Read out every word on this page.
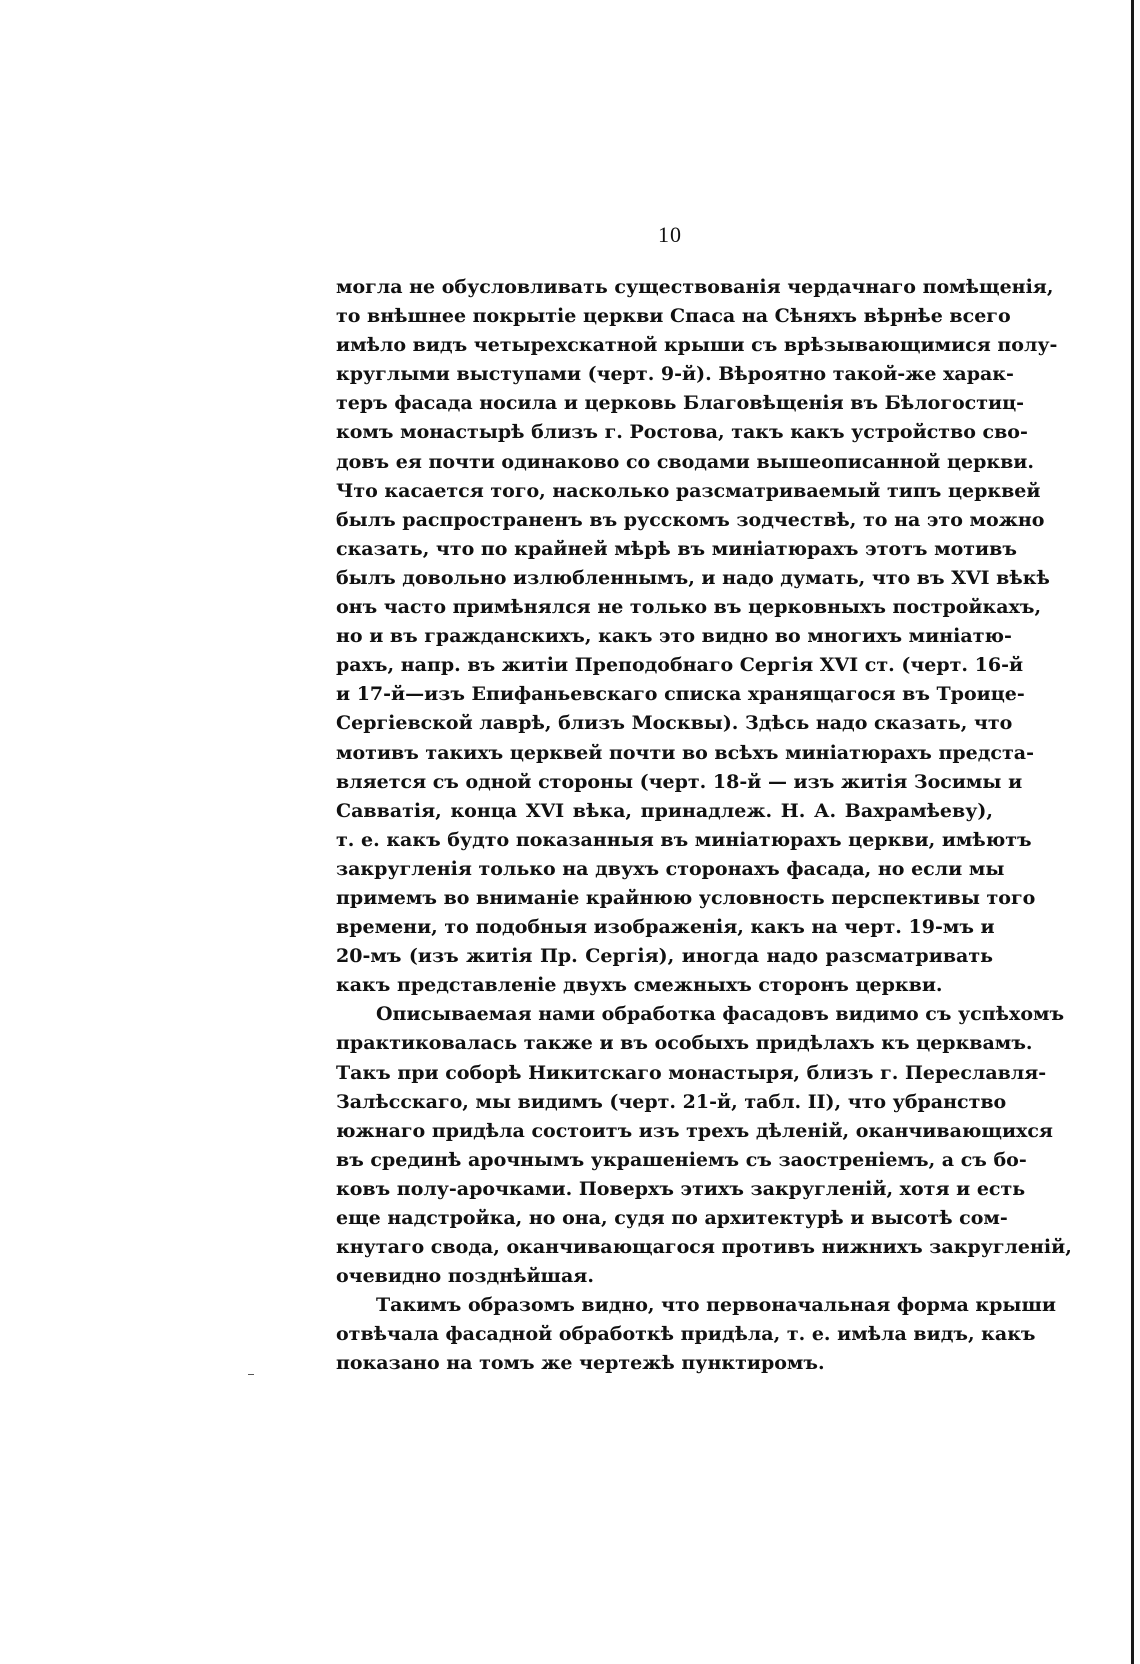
10
могла не обусловливать существованія чердачнаго помѣщенія,
то внѣшнее покрытіе церкви Спаса на Сѣняхъ вѣрнѣе всего
имѣло видъ четырехскатной крыши съ врѣзывающимися полу-
круглыми выступами (черт. 9-й). Вѣроятно такой-же харак-
теръ фасада носила и церковь Благовѣщенія въ Бѣлогостиц-
комъ монастырѣ близъ г. Ростова, такъ какъ устройство сво-
довъ ея почти одинаково со сводами вышеописанной церкви.
Что касается того, насколько разсматриваемый типъ церквей
былъ распространенъ въ русскомъ зодчествѣ, то на это можно
сказать, что по крайней мѣрѣ въ миніатюрахъ этотъ мотивъ
былъ довольно излюбленнымъ, и надо думать, что въ XVI вѣкѣ
онъ часто примѣнялся не только въ церковныхъ постройкахъ,
но и въ гражданскихъ, какъ это видно во многихъ миніатю-
рахъ, напр. въ житіи Преподобнаго Сергія XVI ст. (черт. 16-й
и 17-й—изъ Епифаньевскаго списка хранящагося въ Троице-
Сергіевской лаврѣ, близъ Москвы). Здѣсь надо сказать, что
мотивъ такихъ церквей почти во всѣхъ миніатюрахъ предста-
вляется съ одной стороны (черт. 18-й — изъ житія Зосимы и
Савватія, конца XVI вѣка, принадлеж. Н. А. Вахрамѣеву),
т. е. какъ будто показанныя въ миніатюрахъ церкви, имѣютъ
закругленія только на двухъ сторонахъ фасада, но если мы
примемъ во вниманіе крайнюю условность перспективы того
времени, то подобныя изображенія, какъ на черт. 19-мъ и
20-мъ (изъ житія Пр. Сергія), иногда надо разсматривать
какъ представленіе двухъ смежныхъ сторонъ церкви.
Описываемая нами обработка фасадовъ видимо съ успѣхомъ
практиковалась также и въ особыхъ придѣлахъ къ церквамъ.
Такъ при соборѣ Никитскаго монастыря, близъ г. Переславля-
Залѣсскаго, мы видимъ (черт. 21-й, табл. II), что убранство
южнаго придѣла состоитъ изъ трехъ дѣленій, оканчивающихся
въ срединѣ арочнымъ украшеніемъ съ заостреніемъ, а съ бо-
ковъ полу-арочками. Поверхъ этихъ закругленій, хотя и есть
еще надстройка, но она, судя по архитектурѣ и высотѣ сом-
кнутаго свода, оканчивающагося противъ нижнихъ закругленій,
очевидно позднѣйшая.
Такимъ образомъ видно, что первоначальная форма крыши
отвѣчала фасадной обработкѣ придѣла, т. е. имѣла видъ, какъ
показано на томъ же чертежѣ пунктиромъ.
